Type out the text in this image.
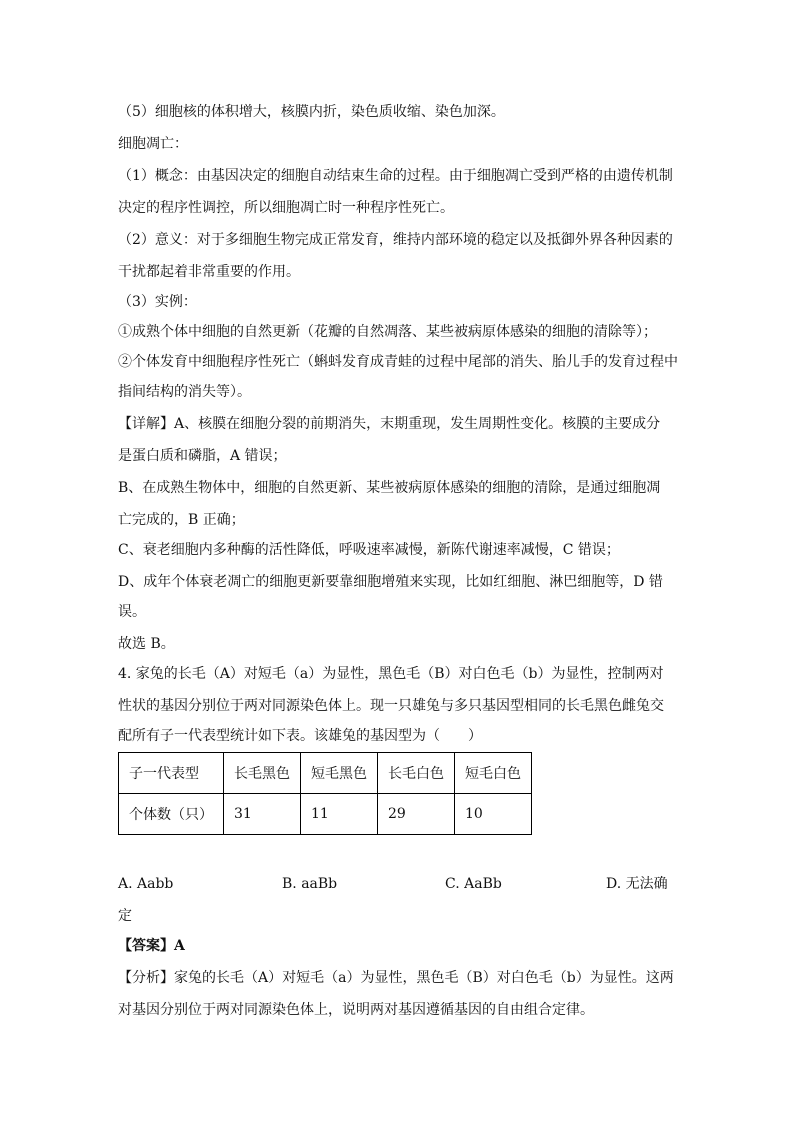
（5）细胞核的体积增大，核膜内折，染色质收缩、染色加深。
细胞凋亡：
（1）概念：由基因决定的细胞自动结束生命的过程。由于细胞凋亡受到严格的由遗传机制
决定的程序性调控，所以细胞凋亡时一种程序性死亡。
（2）意义：对于多细胞生物完成正常发育，维持内部环境的稳定以及抵御外界各种因素的
干扰都起着非常重要的作用。
（3）实例：
①成熟个体中细胞的自然更新（花瓣的自然凋落、某些被病原体感染的细胞的清除等）；
②个体发育中细胞程序性死亡（蝌蚪发育成青蛙的过程中尾部的消失、胎儿手的发育过程中
指间结构的消失等）。
【详解】A、核膜在细胞分裂的前期消失，末期重现，发生周期性变化。核膜的主要成分
是蛋白质和磷脂，A 错误；
B、在成熟生物体中，细胞的自然更新、某些被病原体感染的细胞的清除，是通过细胞凋
亡完成的，B 正确；
C、衰老细胞内多种酶的活性降低，呼吸速率减慢，新陈代谢速率减慢，C 错误；
D、成年个体衰老凋亡的细胞更新要靠细胞增殖来实现，比如红细胞、淋巴细胞等，D 错
误。
故选 B。
4. 家兔的长毛（A）对短毛（a）为显性，黑色毛（B）对白色毛（b）为显性，控制两对
性状的基因分别位于两对同源染色体上。现一只雄兔与多只基因型相同的长毛黑色雌兔交
配所有子一代表型统计如下表。该雄兔的基因型为（　　）
子一代表型	长毛黑色	短毛黑色	长毛白色	短毛白色
个体数（只）	31	11	29	10
A. Aabb	B. aaBb	C. AaBb	D. 无法确
定
【答案】A
【分析】家兔的长毛（A）对短毛（a）为显性，黑色毛（B）对白色毛（b）为显性。这两
对基因分别位于两对同源染色体上，说明两对基因遵循基因的自由组合定律。
